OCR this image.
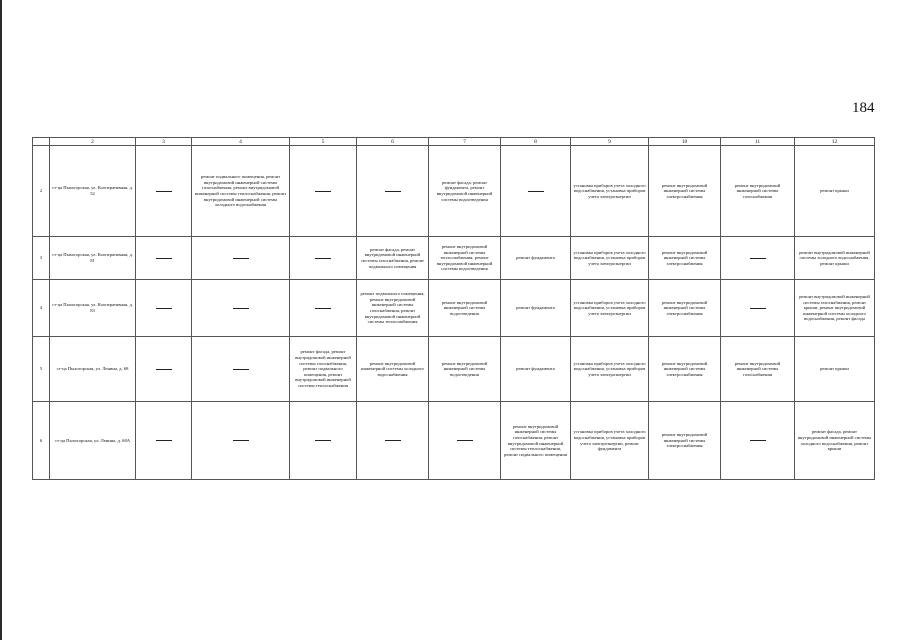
184
	2	3	4	5	6	7	8	9	10	11	12
2	ст-ца Пыхогорская, ул. Кооперативная, д. 52		ремонт подвального помещения, ремонт внутридомовой инженерной системы газоснабжения, ремонт внутридомовой инженерной системы теплоснабжения, ремонт внутридомовой инженерной системы холодного водоснабжения			ремонт фасада, ремонт фундамента, ремонт внутридомовой инженерной системы водоотведения		установка приборов учета холодного водоснабжения, установка приборов учета электроэнергии	ремонт внутридомовой инженерной системы электроснабжения	ремонт внутридомовой инженерной системы газоснабжения	ремонт крыши
3	ст-ца Пыхогорская, ул. Кооперативная, д. 81				ремонт фасада, ремонт внутридомовой инженерной системы газоснабжения, ремонт подвального помещения	ремонт внутридомовой инженерной системы теплоснабжения, ремонт внутридомовой инженерной системы водоотведения	ремонт фундамента	установка приборов учета холодного водоснабжения, установка приборов учета электроэнергии	ремонт внутридомовой инженерной системы электроснабжения		ремонт внутридомовой инженерной системы холодного водоснабжения, ремонт крыши
4	ст-ца Пыхогорская, ул. Кооперативная, д. 83				ремонт подвального помещения, ремонт внутридомовой инженерной системы газоснабжения, ремонт внутридомовой инженерной системы теплоснабжения	ремонт внутридомовой инженерной системы водоотведения	ремонт фундамента	установка приборов учета холодного водоснабжения, установка приборов учета электроэнергии	ремонт внутридомовой инженерной системы электроснабжения		ремонт внутридомовой инженерной системы газоснабжения, ремонт крыши, ремонт внутридомовой инженерной системы холодного водоснабжения, ремонт фасада
5	ст-ца Пыхогорская, ул. Ленина, д. 68			ремонт фасада, ремонт внутридомовой инженерной системы газоснабжения, ремонт подвального помещения, ремонт внутридомовой инженерной системы теплоснабжения	ремонт внутридомовой инженерной системы холодного водоснабжения	ремонт внутридомовой инженерной системы водоотведения	ремонт фундамента	установка приборов учета холодного водоснабжения, установка приборов учета электроэнергии	ремонт внутридомовой инженерной системы электроснабжения	ремонт внутридомовой инженерной системы газоснабжения	ремонт крыши
6	ст-ца Пыхогорская, ул. Ленина, д. 68А						ремонт внутридомовой инженерной системы газоснабжения, ремонт внутридомовой инженерной системы теплоснабжения, ремонт подвального помещения	установка приборов учета холодного водоснабжения, установка приборов учета электроэнергии, ремонт фундамента	ремонт внутридомовой инженерной системы электроснабжения		ремонт фасада, ремонт внутридомовой инженерной системы холодного водоснабжения, ремонт крыши
